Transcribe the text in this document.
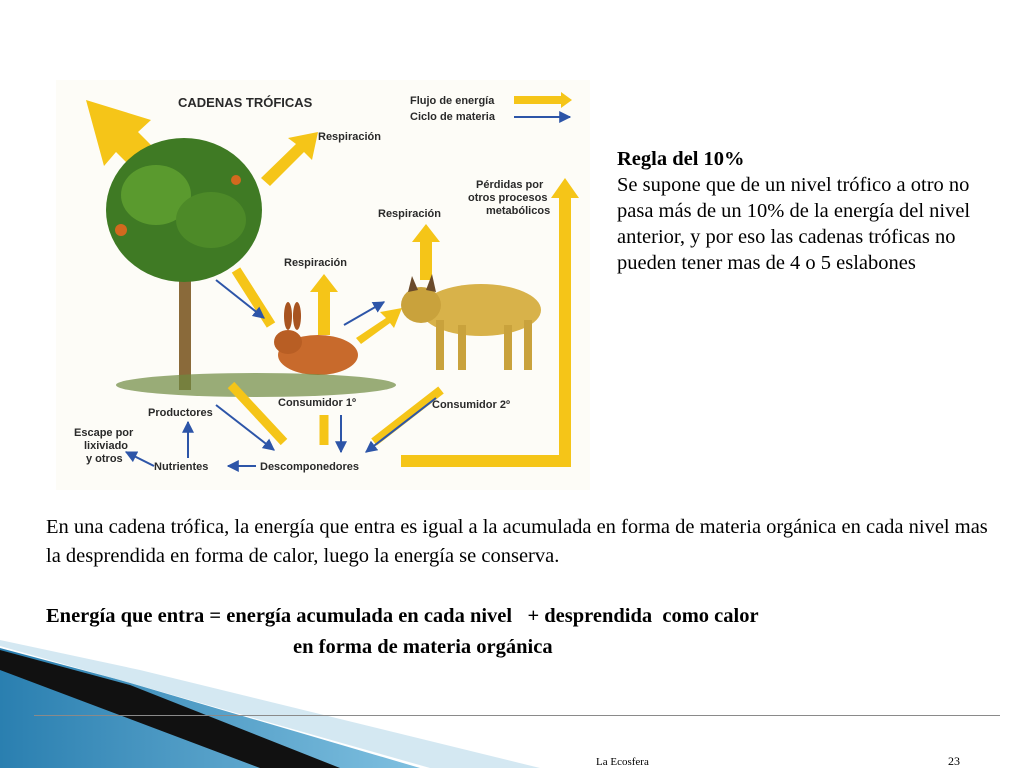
CADENAS TRÓFICAS	Flujo de energía
Ciclo de materia
Respiración
Pérdidas por
otros procesos
metabólicos
Respiración
Respiración
Productores
Consumidor 1º	Consumidor 2º
Escape por
lixiviado
y otros
Nutrientes	Descomponedores
Regla del 10%
Se supone que de un nivel trófico a otro no pasa más de un 10% de la energía del nivel anterior, y por eso las cadenas tróficas no pueden tener mas de 4 o 5 eslabones
En una cadena trófica, la energía que entra es igual a la acumulada en forma de materia orgánica en cada nivel mas la desprendida en forma de calor, luego la energía se conserva.
Energía que entra = energía acumulada en cada nivel   + desprendida  como calor
en forma de materia orgánica
La Ecosfera	23
